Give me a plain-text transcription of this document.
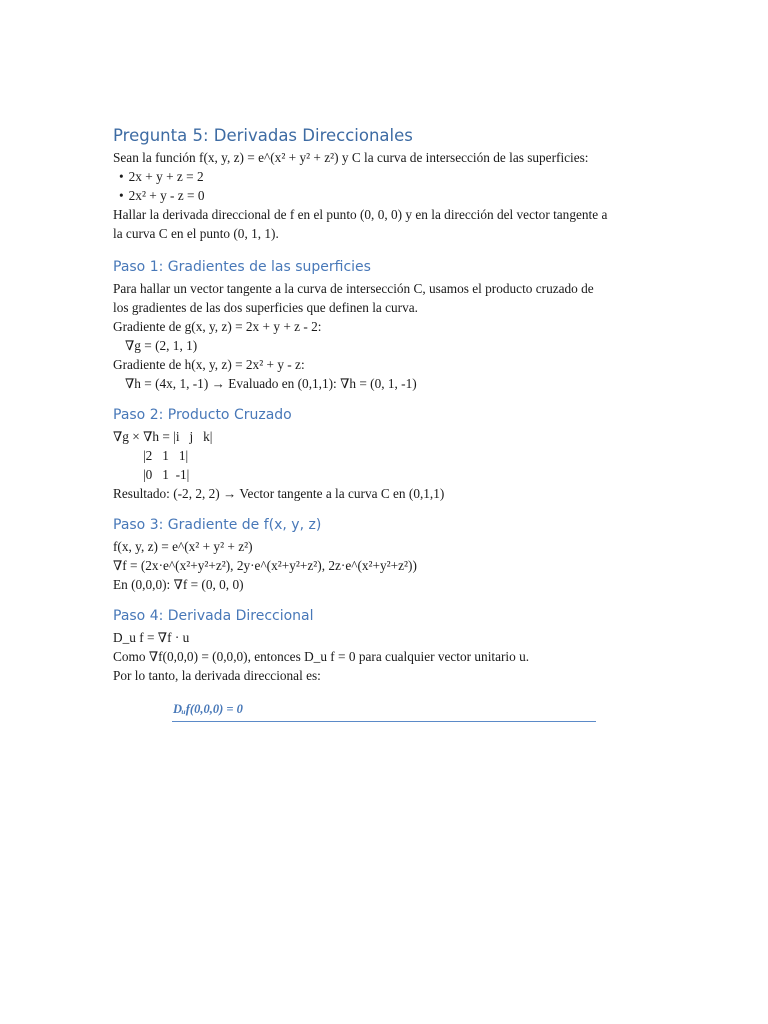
Pregunta 5: Derivadas Direccionales
Sean la función f(x, y, z) = e^(x² + y² + z²) y C la curva de intersección de las superficies:
• 2x + y + z = 2
• 2x² + y - z = 0
Hallar la derivada direccional de f en el punto (0, 0, 0) y en la dirección del vector tangente a
la curva C en el punto (0, 1, 1).
Paso 1: Gradientes de las superficies
Para hallar un vector tangente a la curva de intersección C, usamos el producto cruzado de
los gradientes de las dos superficies que definen la curva.
Gradiente de g(x, y, z) = 2x + y + z - 2:
∇g = (2, 1, 1)
Gradiente de h(x, y, z) = 2x² + y - z:
∇h = (4x, 1, -1) → Evaluado en (0,1,1): ∇h = (0, 1, -1)
Paso 2: Producto Cruzado
∇g × ∇h = |i   j   k|
|2   1   1|
|0   1  -1|
Resultado: (-2, 2, 2) → Vector tangente a la curva C en (0,1,1)
Paso 3: Gradiente de f(x, y, z)
f(x, y, z) = e^(x² + y² + z²)
∇f = (2x·e^(x²+y²+z²), 2y·e^(x²+y²+z²), 2z·e^(x²+y²+z²))
En (0,0,0): ∇f = (0, 0, 0)
Paso 4: Derivada Direccional
D_u f = ∇f · u
Como ∇f(0,0,0) = (0,0,0), entonces D_u f = 0 para cualquier vector unitario u.
Por lo tanto, la derivada direccional es:
Dᵤf(0,0,0) = 0
